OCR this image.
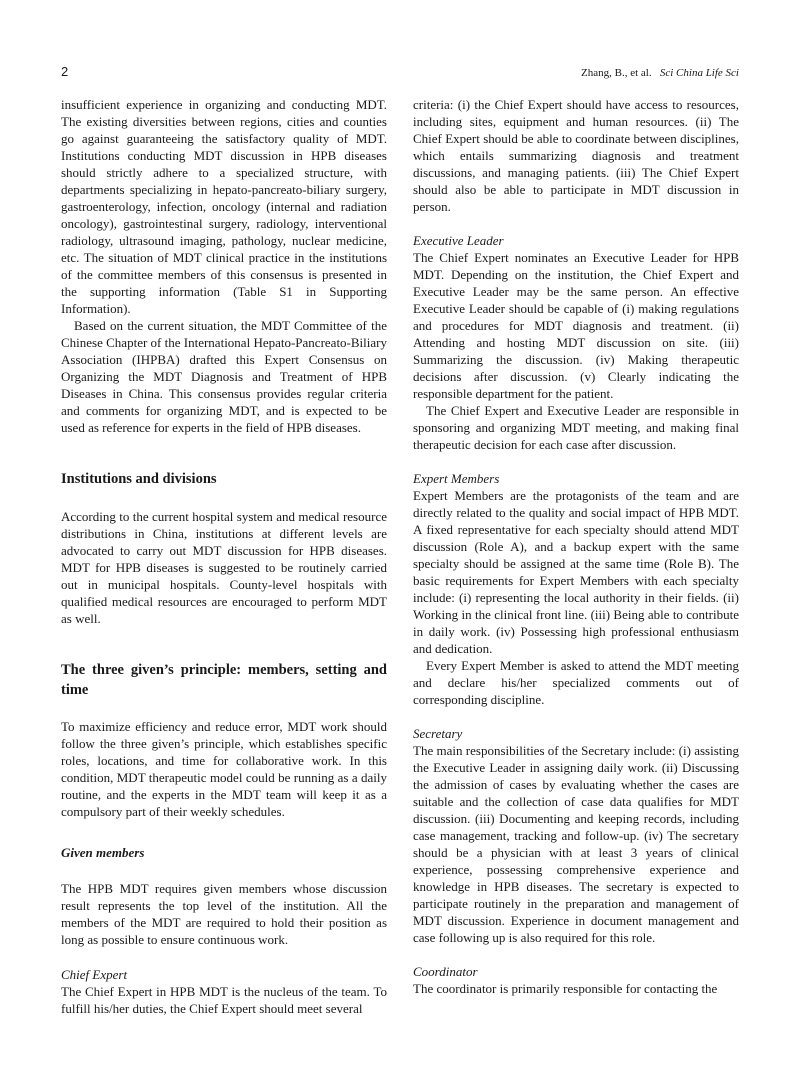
2	Zhang, B., et al. Sci China Life Sci

insufficient experience in organizing and conducting MDT. The existing diversities between regions, cities and counties go against guaranteeing the satisfactory quality of MDT. Institutions conducting MDT discussion in HPB diseases should strictly adhere to a specialized structure, with departments specializing in hepato-pancreato-biliary surgery, gastroenterology, infection, oncology (internal and radiation oncology), gastrointestinal surgery, radiology, interventional radiology, ultrasound imaging, pathology, nuclear medicine, etc. The situation of MDT clinical practice in the institutions of the committee members of this consensus is presented in the supporting information (Table S1 in Supporting Information).

Based on the current situation, the MDT Committee of the Chinese Chapter of the International Hepato-Pancreato-Biliary Association (IHPBA) drafted this Expert Consensus on Organizing the MDT Diagnosis and Treatment of HPB Diseases in China. This consensus provides regular criteria and comments for organizing MDT, and is expected to be used as reference for experts in the field of HPB diseases.

Institutions and divisions

According to the current hospital system and medical resource distributions in China, institutions at different levels are advocated to carry out MDT discussion for HPB diseases. MDT for HPB diseases is suggested to be routinely carried out in municipal hospitals. County-level hospitals with qualified medical resources are encouraged to perform MDT as well.

The three given’s principle: members, setting and time

To maximize efficiency and reduce error, MDT work should follow the three given’s principle, which establishes specific roles, locations, and time for collaborative work. In this condition, MDT therapeutic model could be running as a daily routine, and the experts in the MDT team will keep it as a compulsory part of their weekly schedules.

Given members

The HPB MDT requires given members whose discussion result represents the top level of the institution. All the members of the MDT are required to hold their position as long as possible to ensure continuous work.

Chief Expert

The Chief Expert in HPB MDT is the nucleus of the team. To fulfill his/her duties, the Chief Expert should meet several

criteria: (i) the Chief Expert should have access to resources, including sites, equipment and human resources. (ii) The Chief Expert should be able to coordinate between disciplines, which entails summarizing diagnosis and treatment discussions, and managing patients. (iii) The Chief Expert should also be able to participate in MDT discussion in person.

Executive Leader

The Chief Expert nominates an Executive Leader for HPB MDT. Depending on the institution, the Chief Expert and Executive Leader may be the same person. An effective Executive Leader should be capable of (i) making regulations and procedures for MDT diagnosis and treatment. (ii) Attending and hosting MDT discussion on site. (iii) Summarizing the discussion. (iv) Making therapeutic decisions after discussion. (v) Clearly indicating the responsible department for the patient.

The Chief Expert and Executive Leader are responsible in sponsoring and organizing MDT meeting, and making final therapeutic decision for each case after discussion.

Expert Members

Expert Members are the protagonists of the team and are directly related to the quality and social impact of HPB MDT. A fixed representative for each specialty should attend MDT discussion (Role A), and a backup expert with the same specialty should be assigned at the same time (Role B). The basic requirements for Expert Members with each specialty include: (i) representing the local authority in their fields. (ii) Working in the clinical front line. (iii) Being able to contribute in daily work. (iv) Possessing high professional enthusiasm and dedication.

Every Expert Member is asked to attend the MDT meeting and declare his/her specialized comments out of corresponding discipline.

Secretary

The main responsibilities of the Secretary include: (i) assisting the Executive Leader in assigning daily work. (ii) Discussing the admission of cases by evaluating whether the cases are suitable and the collection of case data qualifies for MDT discussion. (iii) Documenting and keeping records, including case management, tracking and follow-up. (iv) The secretary should be a physician with at least 3 years of clinical experience, possessing comprehensive experience and knowledge in HPB diseases. The secretary is expected to participate routinely in the preparation and management of MDT discussion. Experience in document management and case following up is also required for this role.

Coordinator

The coordinator is primarily responsible for contacting the
